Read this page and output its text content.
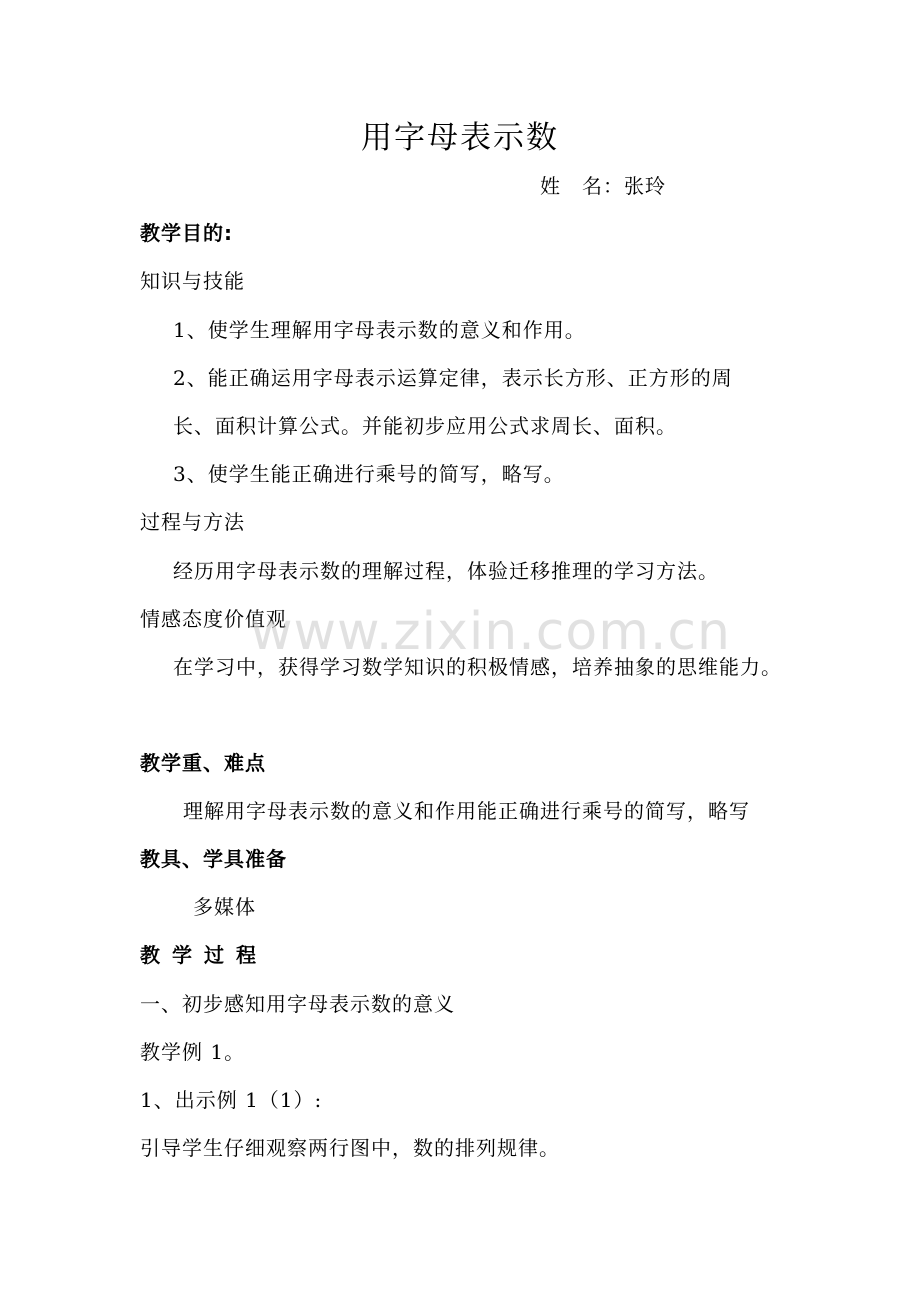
用字母表示数
姓　名：张玲
教学目的:
知识与技能
1、使学生理解用字母表示数的意义和作用。
2、能正确运用字母表示运算定律，表示长方形、正方形的周
长、面积计算公式。并能初步应用公式求周长、面积。
3、使学生能正确进行乘号的简写，略写。
过程与方法
经历用字母表示数的理解过程，体验迁移推理的学习方法。
情感态度价值观
在学习中，获得学习数学知识的积极情感，培养抽象的思维能力。
教学重、难点
理解用字母表示数的意义和作用能正确进行乘号的简写，略写
教具、学具准备
多媒体
教学过程
一、初步感知用字母表示数的意义
教学例 1。
1、出示例 1（1）:
引导学生仔细观察两行图中，数的排列规律。
www.zixin.com.cn
